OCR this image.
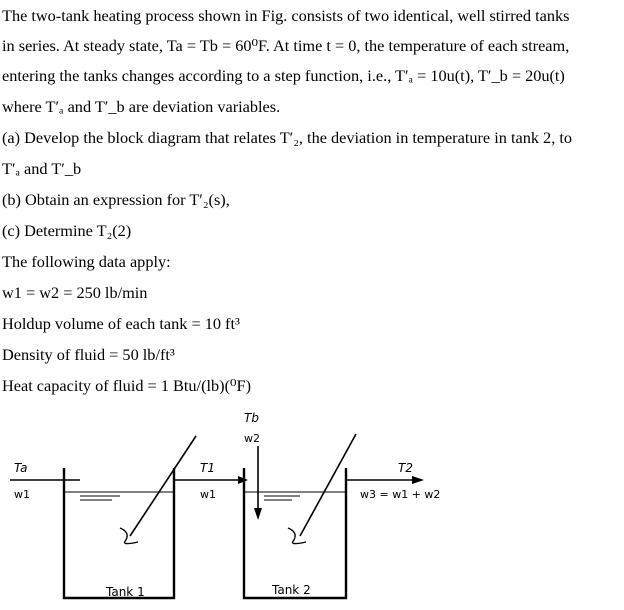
The two-tank heating process shown in Fig. consists of two identical, well stirred tanks
in series. At steady state, Ta = Tb = 60⁰F. At time t = 0, the temperature of each stream,
entering the tanks changes according to a step function, i.e., T′ₐ = 10u(t), T′_b = 20u(t)
where T′ₐ and T′_b are deviation variables.
(a) Develop the block diagram that relates T′₂, the deviation in temperature in tank 2, to
T′ₐ and T′_b
(b) Obtain an expression for T′₂(s),
(c) Determine T₂(2)
The following data apply:
w1 = w2 = 250 lb/min
Holdup volume of each tank = 10 ft³
Density of fluid = 50 lb/ft³
Heat capacity of fluid = 1 Btu/(lb)(⁰F)
Ta
w1
T1
w1
Tb
w2
T2
w3 = w1 + w2
Tank 1	Tank 2
